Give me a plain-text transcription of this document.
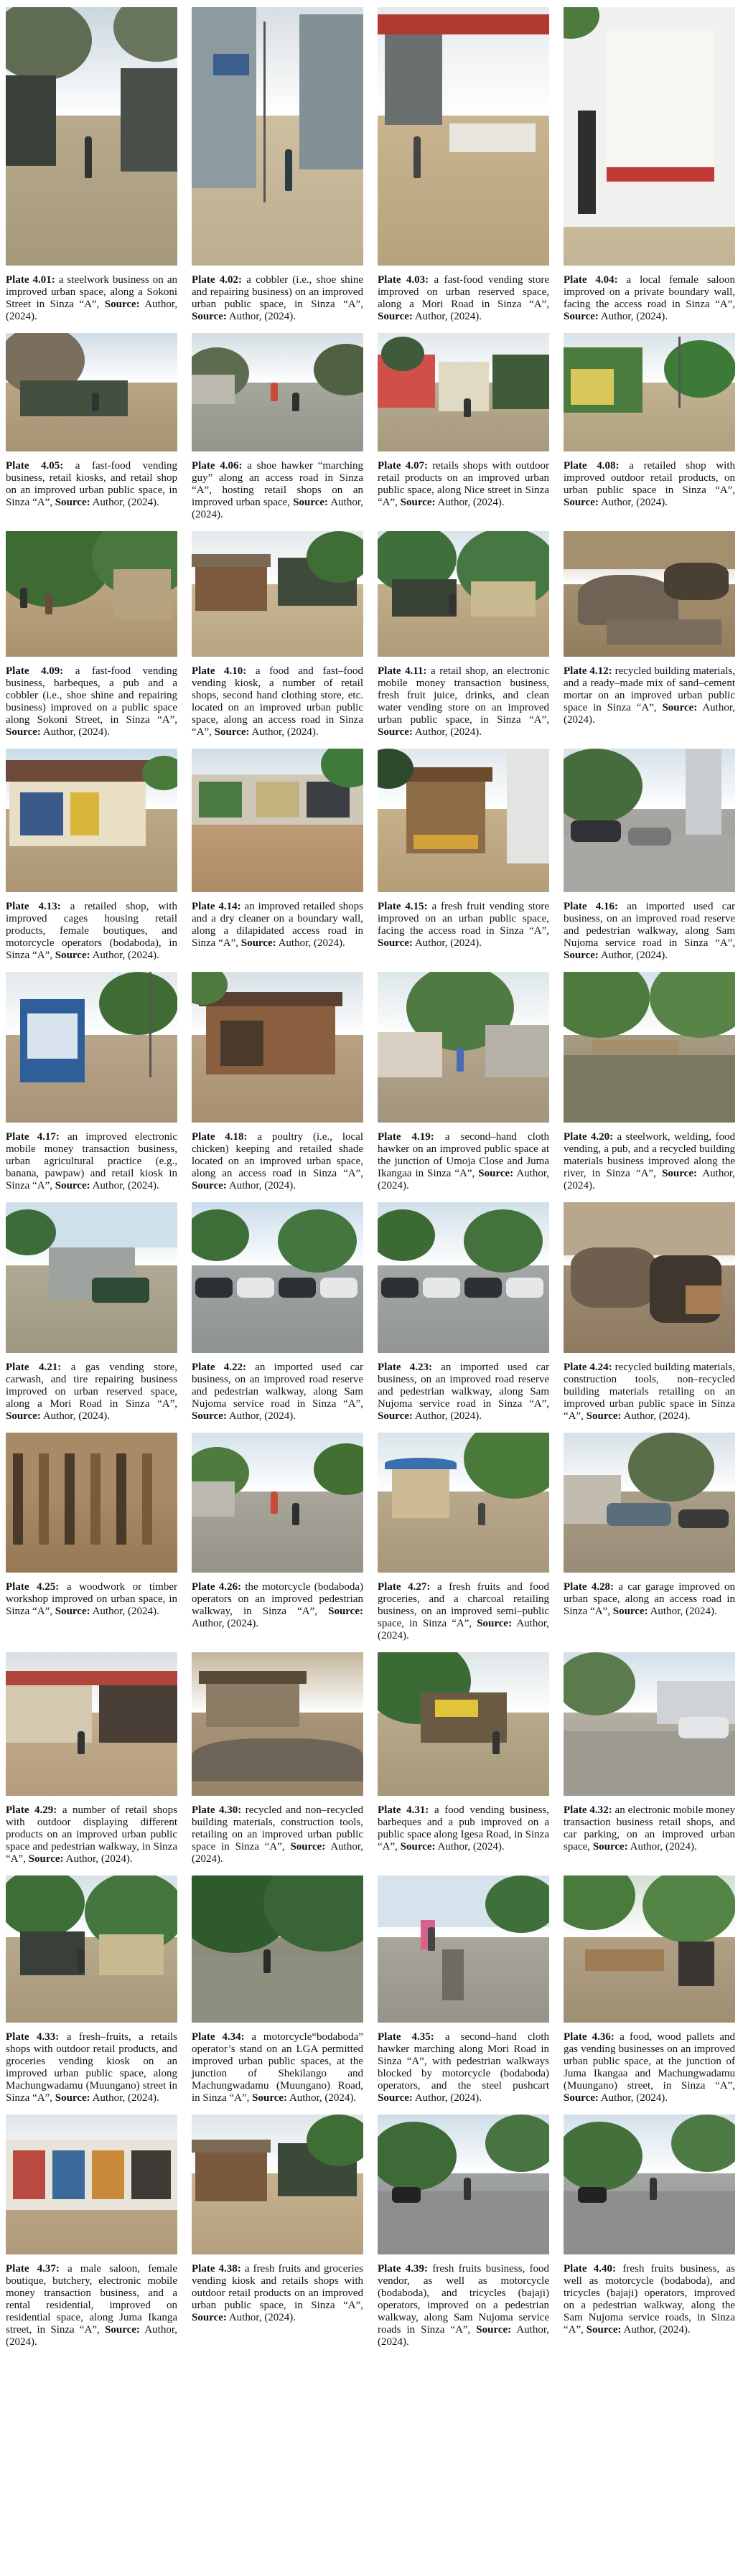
Plate 4.01: a steelwork business on an improved urban space, along a Sokoni Street in Sinza “A”, Source: Author, (2024).
Plate 4.02: a cobbler (i.e., shoe shine and repairing business) on an improved urban public space, in Sinza “A”, Source: Author, (2024).
Plate 4.03: a fast-food vending store improved on urban reserved space, along a Mori Road in Sinza “A”, Source: Author, (2024).
Plate 4.04: a local female saloon improved on a private boundary wall, facing the access road in Sinza “A”, Source: Author, (2024).
Plate 4.05: a fast-food vending business, retail kiosks, and retail shop on an improved urban public space, in Sinza “A”, Source: Author, (2024).
Plate 4.06: a shoe hawker “marching guy” along an access road in Sinza “A”, hosting retail shops on an improved urban space, Source: Author, (2024).
Plate 4.07: retails shops with outdoor retail products on an improved urban public space, along Nice street in Sinza “A”, Source: Author, (2024).
Plate 4.08: a retailed shop with improved outdoor retail products, on urban public space in Sinza “A”, Source: Author, (2024).
Plate 4.09: a fast-food vending business, barbeques, a pub and a cobbler (i.e., shoe shine and repairing business) improved on a public space along Sokoni Street, in Sinza “A”, Source: Author, (2024).
Plate 4.10: a food and fast–food vending kiosk, a number of retail shops, second hand clothing store, etc. located on an improved urban public space, along an access road in Sinza “A”, Source: Author, (2024).
Plate 4.11: a retail shop, an electronic mobile money transaction business, fresh fruit juice, drinks, and clean water vending store on an improved urban public space, in Sinza “A”, Source: Author, (2024).
Plate 4.12: recycled building materials, and a ready–made mix of sand–cement mortar on an improved urban public space in Sinza “A”, Source: Author, (2024).
Plate 4.13: a retailed shop, with improved cages housing retail products, female boutiques, and motorcycle operators (bodaboda), in Sinza “A”, Source: Author, (2024).
Plate 4.14: an improved retailed shops and a dry cleaner on a boundary wall, along a dilapidated access road in Sinza “A”, Source: Author, (2024).
Plate 4.15: a fresh fruit vending store improved on an urban public space, facing the access road in Sinza “A”, Source: Author, (2024).
Plate 4.16: an imported used car business, on an improved road reserve and pedestrian walkway, along Sam Nujoma service road in Sinza “A”, Source: Author, (2024).
Plate 4.17: an improved electronic mobile money transaction business, urban agricultural practice (e.g., banana, pawpaw) and retail kiosk in Sinza “A”, Source: Author, (2024).
Plate 4.18: a poultry (i.e., local chicken) keeping and retailed shade located on an improved urban space, along an access road in Sinza “A”, Source: Author, (2024).
Plate 4.19: a second–hand cloth hawker on an improved public space at the junction of Umoja Close and Juma Ikangaa in Sinza “A”, Source: Author, (2024).
Plate 4.20: a steelwork, welding, food vending, a pub, and a recycled building materials business improved along the river, in Sinza “A”, Source: Author, (2024).
Plate 4.21: a gas vending store, carwash, and tire repairing business improved on urban reserved space, along a Mori Road in Sinza “A”, Source: Author, (2024).
Plate 4.22: an imported used car business, on an improved road reserve and pedestrian walkway, along Sam Nujoma service road in Sinza “A”, Source: Author, (2024).
Plate 4.23: an imported used car business, on an improved road reserve and pedestrian walkway, along Sam Nujoma service road in Sinza “A”, Source: Author, (2024).
Plate 4.24: recycled building materials, construction tools, non–recycled building materials retailing on an improved urban public space in Sinza “A”, Source: Author, (2024).
Plate 4.25: a woodwork or timber workshop improved on urban space, in Sinza “A”, Source: Author, (2024).
Plate 4.26: the motorcycle (bodaboda) operators on an improved pedestrian walkway, in Sinza “A”, Source: Author, (2024).
Plate 4.27: a fresh fruits and food groceries, and a charcoal retailing business, on an improved semi–public space, in Sinza “A”, Source: Author, (2024).
Plate 4.28: a car garage improved on urban space, along an access road in Sinza “A”, Source: Author, (2024).
Plate 4.29: a number of retail shops with outdoor displaying different products on an improved urban public space and pedestrian walkway, in Sinza “A”, Source: Author, (2024).
Plate 4.30: recycled and non–recycled building materials, construction tools, retailing on an improved urban public space in Sinza “A”, Source: Author, (2024).
Plate 4.31: a food vending business, barbeques and a pub improved on a public space along Igesa Road, in Sinza “A”, Source: Author, (2024).
Plate 4.32: an electronic mobile money transaction business retail shops, and car parking, on an improved urban space, Source: Author, (2024).
Plate 4.33: a fresh–fruits, a retails shops with outdoor retail products, and groceries vending kiosk on an improved urban public space, along Machungwadamu (Muungano) street in Sinza “A”, Source: Author, (2024).
Plate 4.34: a motorcycle“bodaboda” operator’s stand on an LGA permitted improved urban public spaces, at the junction of Shekilango and Machungwadamu (Muungano) Road, in Sinza “A”, Source: Author, (2024).
Plate 4.35: a second–hand cloth hawker marching along Mori Road in Sinza “A”, with pedestrian walkways blocked by motorcycle (bodaboda) operators, and the steel pushcart Source: Author, (2024).
Plate 4.36: a food, wood pallets and gas vending businesses on an improved urban public space, at the junction of Juma Ikangaa and Machungwadamu (Muungano) street, in Sinza “A”, Source: Author, (2024).
Plate 4.37: a male saloon, female boutique, butchery, electronic mobile money transaction business, and a rental residential, improved on residential space, along Juma Ikanga street, in Sinza “A”, Source: Author, (2024).
Plate 4.38: a fresh fruits and groceries vending kiosk and retails shops with outdoor retail products on an improved urban public space, in Sinza “A”, Source: Author, (2024).
Plate 4.39: fresh fruits business, food vendor, as well as motorcycle (bodaboda), and tricycles (bajaji) operators, improved on a pedestrian walkway, along Sam Nujoma service roads in Sinza “A”, Source: Author, (2024).
Plate 4.40: fresh fruits business, as well as motorcycle (bodaboda), and tricycles (bajaji) operators, improved on a pedestrian walkway, along the Sam Nujoma service roads, in Sinza “A”, Source: Author, (2024).
